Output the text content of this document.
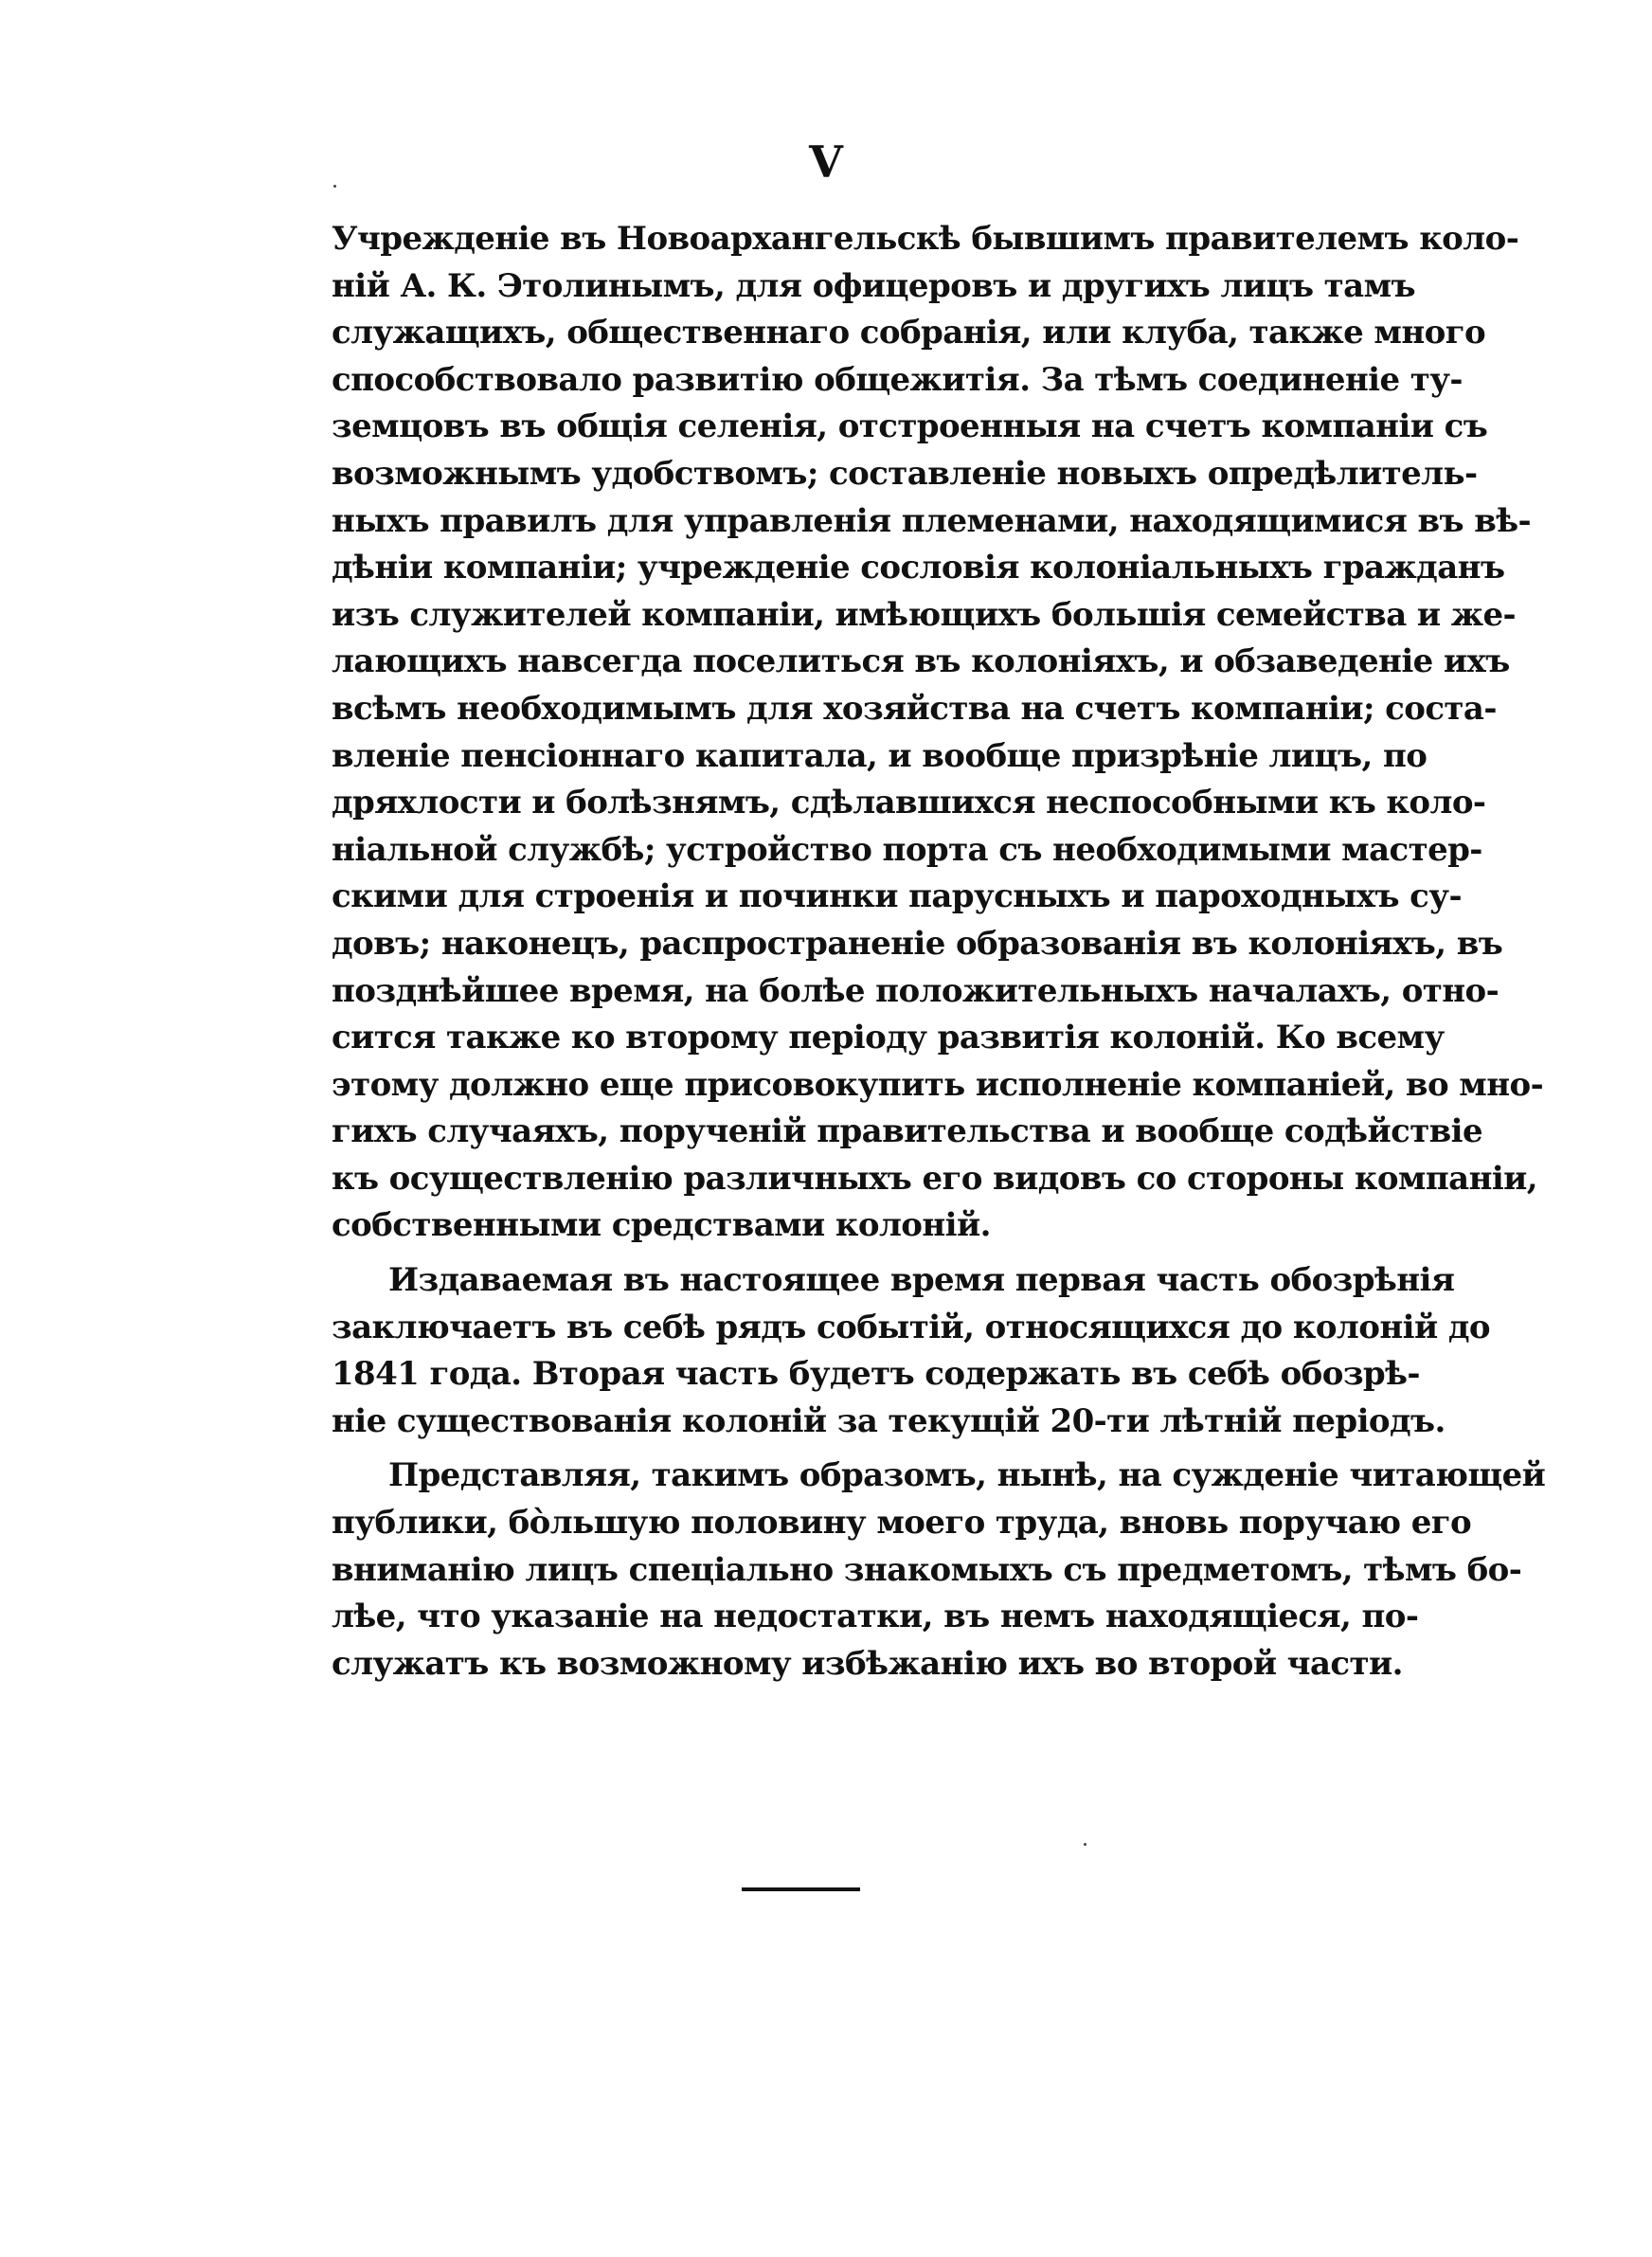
V
Учрежденіе въ Новоархангельскѣ бывшимъ правителемъ коло-
ній А. К. Этолинымъ, для офицеровъ и другихъ лицъ тамъ
служащихъ, общественнаго собранія, или клуба, также много
способствовало развитію общежитія. За тѣмъ соединеніе ту-
земцовъ въ общія селенія, отстроенныя на счетъ компаніи съ
возможнымъ удобствомъ; составленіе новыхъ опредѣлитель-
ныхъ правилъ для управленія племенами, находящимися въ вѣ-
дѣніи компаніи; учрежденіе сословія колоніальныхъ гражданъ
изъ служителей компаніи, имѣющихъ большія семейства и же-
лающихъ навсегда поселиться въ колоніяхъ, и обзаведеніе ихъ
всѣмъ необходимымъ для хозяйства на счетъ компаніи; соста-
вленіе пенсіоннаго капитала, и вообще призрѣніе лицъ, по
дряхлости и болѣзнямъ, сдѣлавшихся неспособными къ коло-
ніальной службѣ; устройство порта съ необходимыми мастер-
скими для строенія и починки парусныхъ и пароходныхъ су-
довъ; наконецъ, распространеніе образованія въ колоніяхъ, въ
позднѣйшее время, на болѣе положительныхъ началахъ, отно-
сится также ко второму періоду развитія колоній. Ко всему
этому должно еще присовокупить исполненіе компаніей, во мно-
гихъ случаяхъ, порученій правительства и вообще содѣйствіе
къ осуществленію различныхъ его видовъ со стороны компаніи,
собственными средствами колоній.
Издаваемая въ настоящее время первая часть обозрѣнія
заключаетъ въ себѣ рядъ событій, относящихся до колоній до
1841 года. Вторая часть будетъ содержать въ себѣ обозрѣ-
ніе существованія колоній за текущій 20-ти лѣтній періодъ.
Представляя, такимъ образомъ, нынѣ, на сужденіе читающей
публики, бо̀льшую половину моего труда, вновь поручаю его
вниманію лицъ спеціально знакомыхъ съ предметомъ, тѣмъ бо-
лѣе, что указаніе на недостатки, въ немъ находящіеся, по-
служатъ къ возможному избѣжанію ихъ во второй части.
